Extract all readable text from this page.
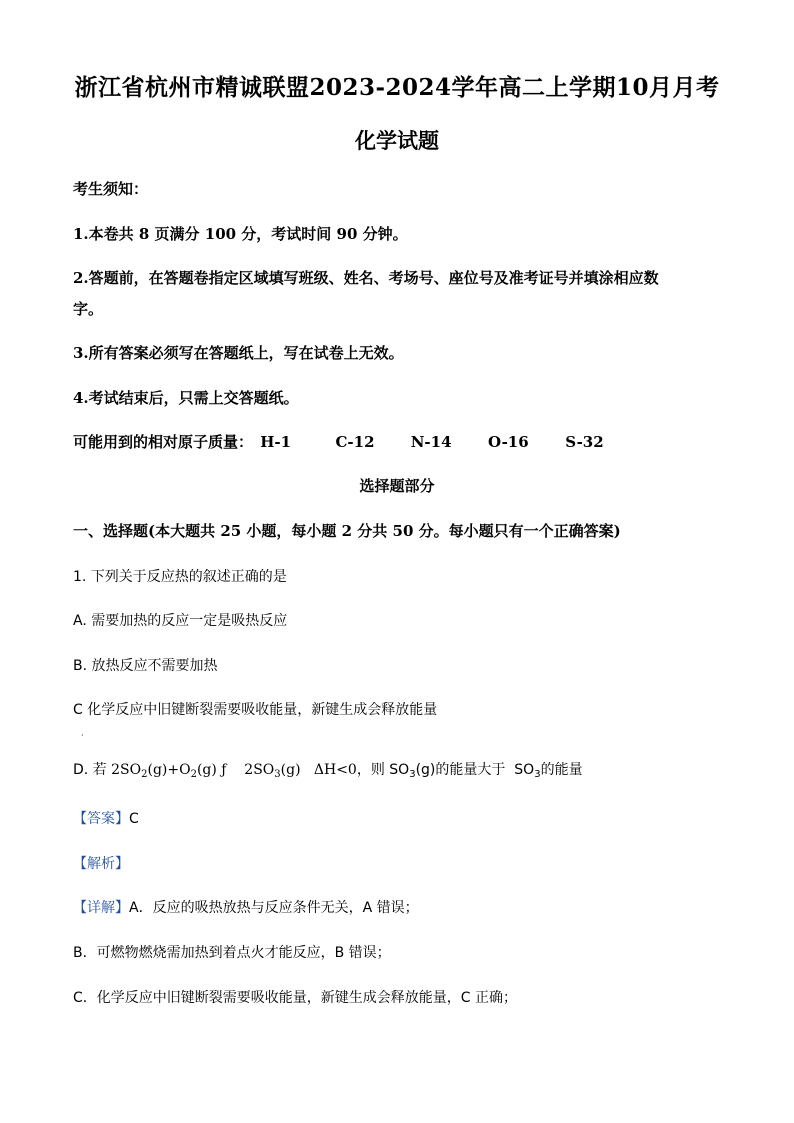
浙江省杭州市精诚联盟2023-2024学年高二上学期10月月考
化学试题
考生须知：
1.本卷共 8 页满分 100 分，考试时间 90 分钟。
2.答题前，在答题卷指定区域填写班级、姓名、考场号、座位号及准考证号并填涂相应数
字。
3.所有答案必须写在答题纸上，写在试卷上无效。
4.考试结束后，只需上交答题纸。
可能用到的相对原子质量： H-1	C-12 N-14 O-16 S-32
选择题部分
一、选择题(本大题共 25 小题，每小题 2 分共 50 分。每小题只有一个正确答案)
1. 下列关于反应热的叙述正确的是
A. 需要加热的反应一定是吸热反应
B. 放热反应不需要加热
C 化学反应中旧键断裂需要吸收能量，新键生成会释放能量
·
D. 若 $2SO_2(g)+O_2(g)$ ƒ    $2SO_3(g)$   ΔH<0，则 $SO_3(g)$的能量大于  $SO_3$的能量
【答案】C
【解析】
【详解】A．反应的吸热放热与反应条件无关，A 错误；
B．可燃物燃烧需加热到着点火才能反应，B 错误；
C．化学反应中旧键断裂需要吸收能量，新键生成会释放能量，C 正确；
